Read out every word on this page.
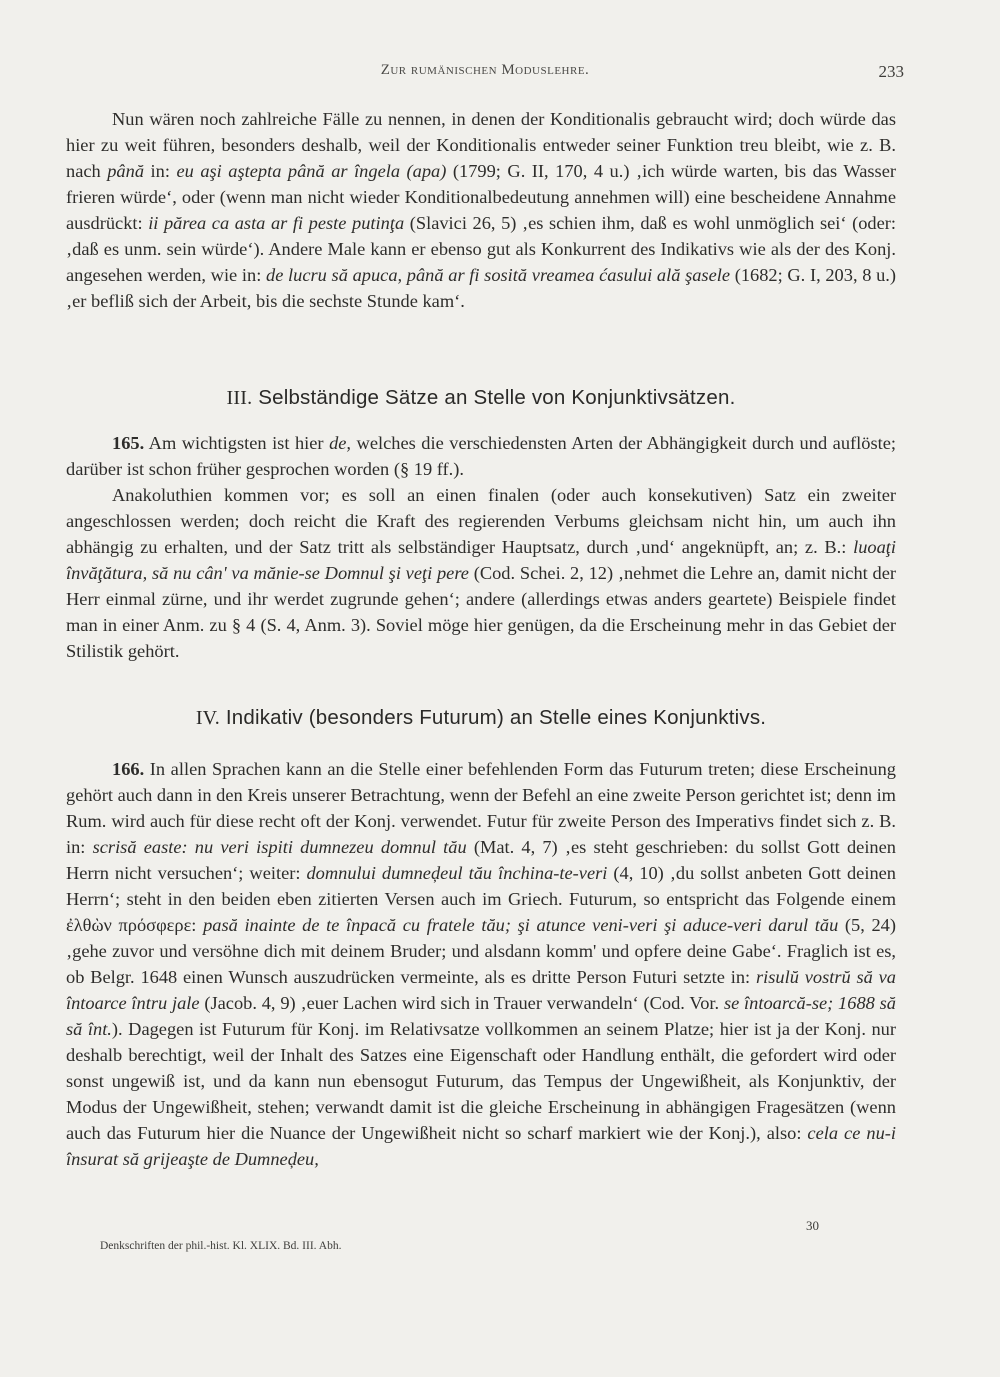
Zur rumänischen Moduslehre.	233

Nun wären noch zahlreiche Fälle zu nennen, in denen der Konditionalis gebraucht wird; doch würde das hier zu weit führen, besonders deshalb, weil der Konditionalis entweder seiner Funktion treu bleibt, wie z. B. nach până in: eu aşi aştepta până ar îngela (apa) (1799; G. II, 170, 4 u.) ‚ich würde warten, bis das Wasser frieren würde‘, oder (wenn man nicht wieder Konditionalbedeutung annehmen will) eine bescheidene Annahme ausdrückt: ii părea ca asta ar fi peste putinţa (Slavici 26, 5) ‚es schien ihm, daß es wohl unmöglich sei‘ (oder: ‚daß es unm. sein würde‘). Andere Male kann er ebenso gut als Konkurrent des Indikativs wie als der des Konj. angesehen werden, wie in: de lucru să apuca, până ar fi sosită vreamea ćasului ală şasele (1682; G. I, 203, 8 u.) ‚er befliß sich der Arbeit, bis die sechste Stunde kam‘.

III. Selbständige Sätze an Stelle von Konjunktivsätzen.

165. Am wichtigsten ist hier de, welches die verschiedensten Arten der Abhängigkeit durch und auflöste; darüber ist schon früher gesprochen worden (§ 19 ff.).

Anakoluthien kommen vor; es soll an einen finalen (oder auch konsekutiven) Satz ein zweiter angeschlossen werden; doch reicht die Kraft des regierenden Verbums gleichsam nicht hin, um auch ihn abhängig zu erhalten, und der Satz tritt als selbständiger Hauptsatz, durch ‚und‘ angeknüpft, an; z. B.: luoaţi învăţătura, să nu cân' va mănie-se Domnul şi veţi pere (Cod. Schei. 2, 12) ‚nehmet die Lehre an, damit nicht der Herr einmal zürne, und ihr werdet zugrunde gehen‘; andere (allerdings etwas anders geartete) Beispiele findet man in einer Anm. zu § 4 (S. 4, Anm. 3). Soviel möge hier genügen, da die Erscheinung mehr in das Gebiet der Stilistik gehört.

IV. Indikativ (besonders Futurum) an Stelle eines Konjunktivs.

166. In allen Sprachen kann an die Stelle einer befehlenden Form das Futurum treten; diese Erscheinung gehört auch dann in den Kreis unserer Betrachtung, wenn der Befehl an eine zweite Person gerichtet ist; denn im Rum. wird auch für diese recht oft der Konj. verwendet. Futur für zweite Person des Imperativs findet sich z. B. in: scrisă easte: nu veri ispiti dumnezeu domnul tău (Mat. 4, 7) ‚es steht geschrieben: du sollst Gott deinen Herrn nicht versuchen‘; weiter: domnului dumneḑeul tău închina-te-veri (4, 10) ‚du sollst anbeten Gott deinen Herrn‘; steht in den beiden eben zitierten Versen auch im Griech. Futurum, so entspricht das Folgende einem ἐλθὼν πρόσφερε: pasă inainte de te înpacă cu fratele tău; şi atunce veni-veri şi aduce-veri darul tău (5, 24) ‚gehe zuvor und versöhne dich mit deinem Bruder; und alsdann komm' und opfere deine Gabe‘. Fraglich ist es, ob Belgr. 1648 einen Wunsch auszudrücken vermeinte, als es dritte Person Futuri setzte in: risulŭ vostrŭ să va întoarce întru jale (Jacob. 4, 9) ‚euer Lachen wird sich in Trauer verwandeln‘ (Cod. Vor. se întoarcă-se; 1688 să să înt.). Dagegen ist Futurum für Konj. im Relativsatze vollkommen an seinem Platze; hier ist ja der Konj. nur deshalb berechtigt, weil der Inhalt des Satzes eine Eigenschaft oder Handlung enthält, die gefordert wird oder sonst ungewiß ist, und da kann nun ebensogut Futurum, das Tempus der Ungewißheit, als Konjunktiv, der Modus der Ungewißheit, stehen; verwandt damit ist die gleiche Erscheinung in abhängigen Fragesätzen (wenn auch das Futurum hier die Nuance der Ungewißheit nicht so scharf markiert wie der Konj.), also: cela ce nu-i însurat să grijeaşte de Dumneḑeu,

30
Denkschriften der phil.-hist. Kl. XLIX. Bd. III. Abh.
